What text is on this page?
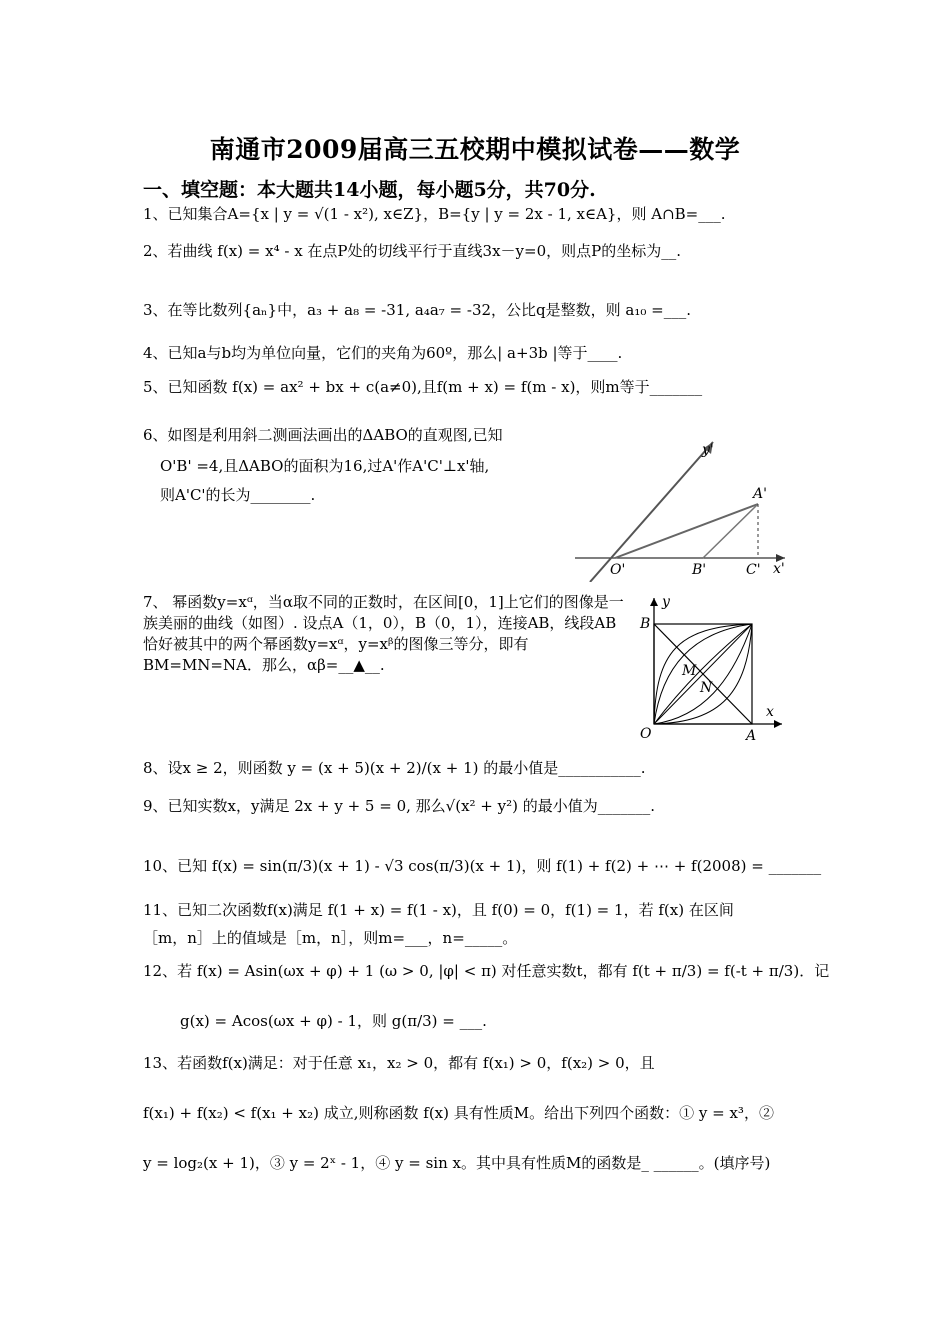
南通市2009届高三五校期中模拟试卷——数学
一、填空题：本大题共14小题，每小题5分，共70分.
1、已知集合A={x | y = √(1 - x²), x∈Z}，B={y | y = 2x - 1, x∈A}，则 A∩B=___.
2、若曲线 f(x) = x⁴ - x 在点P处的切线平行于直线3x－y=0，则点P的坐标为__.
3、在等比数列{aₙ}中，a₃ + a₈ = -31, a₄a₇ = -32，公比q是整数，则 a₁₀ =___.
4、已知a与b均为单位向量，它们的夹角为60º，那么| a+3b |等于____.
5、已知函数 f(x) = ax² + bx + c(a≠0),且f(m + x) = f(m - x)，则m等于_______
6、如图是利用斜二测画法画出的ΔABO的直观图,已知
O'B' =4,且ΔABO的面积为16,过A'作A'C'⊥x'轴,
则A'C'的长为________.
y'
x'
O'	B'	C'
A'
7、 幂函数y=xᵅ，当α取不同的正数时，在区间[0，1]上它们的图像是一族美丽的曲线（如图）. 设点A（1，0），B（0，1），连接AB，线段AB恰好被其中的两个幂函数y=xᵅ，y=xᵝ的图像三等分，即有BM=MN=NA．那么，αβ=__▲__.
y
x
O	A
B
M
N
8、设x ≥ 2，则函数 y = (x + 5)(x + 2)/(x + 1) 的最小值是___________.
9、已知实数x，y满足 2x + y + 5 = 0, 那么√(x² + y²) 的最小值为_______.
10、已知 f(x) = sin(π/3)(x + 1) - √3 cos(π/3)(x + 1)，则 f(1) + f(2) + ⋯ + f(2008) = _______
11、已知二次函数f(x)满足 f(1 + x) = f(1 - x)，且 f(0) = 0，f(1) = 1，若 f(x) 在区间
［m，n］上的值域是［m，n］，则m=___，n=_____。
12、若 f(x) = Asin(ωx + φ) + 1 (ω > 0, |φ| < π) 对任意实数t，都有 f(t + π/3) = f(-t + π/3)．记
g(x) = Acos(ωx + φ) - 1，则 g(π/3) = ___.
13、若函数f(x)满足：对于任意 x₁，x₂ > 0，都有 f(x₁) > 0，f(x₂) > 0，且
f(x₁) + f(x₂) < f(x₁ + x₂) 成立,则称函数 f(x) 具有性质M。给出下列四个函数：① y = x³，②
y = log₂(x + 1)，③ y = 2ˣ - 1，④ y = sin x。其中具有性质M的函数是_ ______。(填序号)
